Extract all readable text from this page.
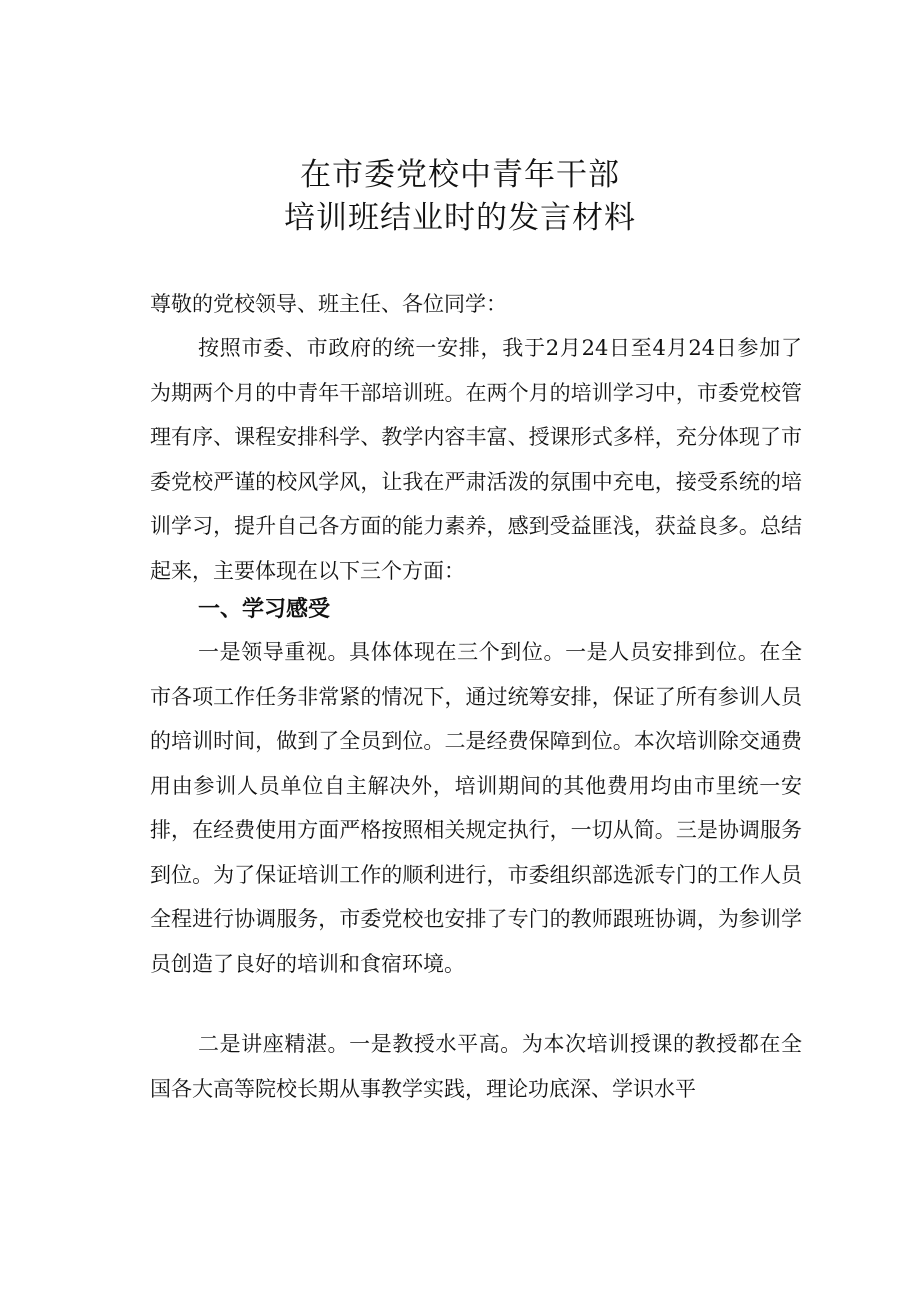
在市委党校中青年干部
培训班结业时的发言材料
尊敬的党校领导、班主任、各位同学：

按照市委、市政府的统一安排，我于2月24日至4月24日参加了为期两个月的中青年干部培训班。在两个月的培训学习中，市委党校管理有序、课程安排科学、教学内容丰富、授课形式多样，充分体现了市委党校严谨的校风学风，让我在严肃活泼的氛围中充电，接受系统的培训学习，提升自己各方面的能力素养，感到受益匪浅，获益良多。总结起来，主要体现在以下三个方面：

一、学习感受

一是领导重视。具体体现在三个到位。一是人员安排到位。在全市各项工作任务非常紧的情况下，通过统筹安排，保证了所有参训人员的培训时间，做到了全员到位。二是经费保障到位。本次培训除交通费用由参训人员单位自主解决外，培训期间的其他费用均由市里统一安排，在经费使用方面严格按照相关规定执行，一切从简。三是协调服务到位。为了保证培训工作的顺利进行，市委组织部选派专门的工作人员全程进行协调服务，市委党校也安排了专门的教师跟班协调，为参训学员创造了良好的培训和食宿环境。

二是讲座精湛。一是教授水平高。为本次培训授课的教授都在全国各大高等院校长期从事教学实践，理论功底深、学识水平
